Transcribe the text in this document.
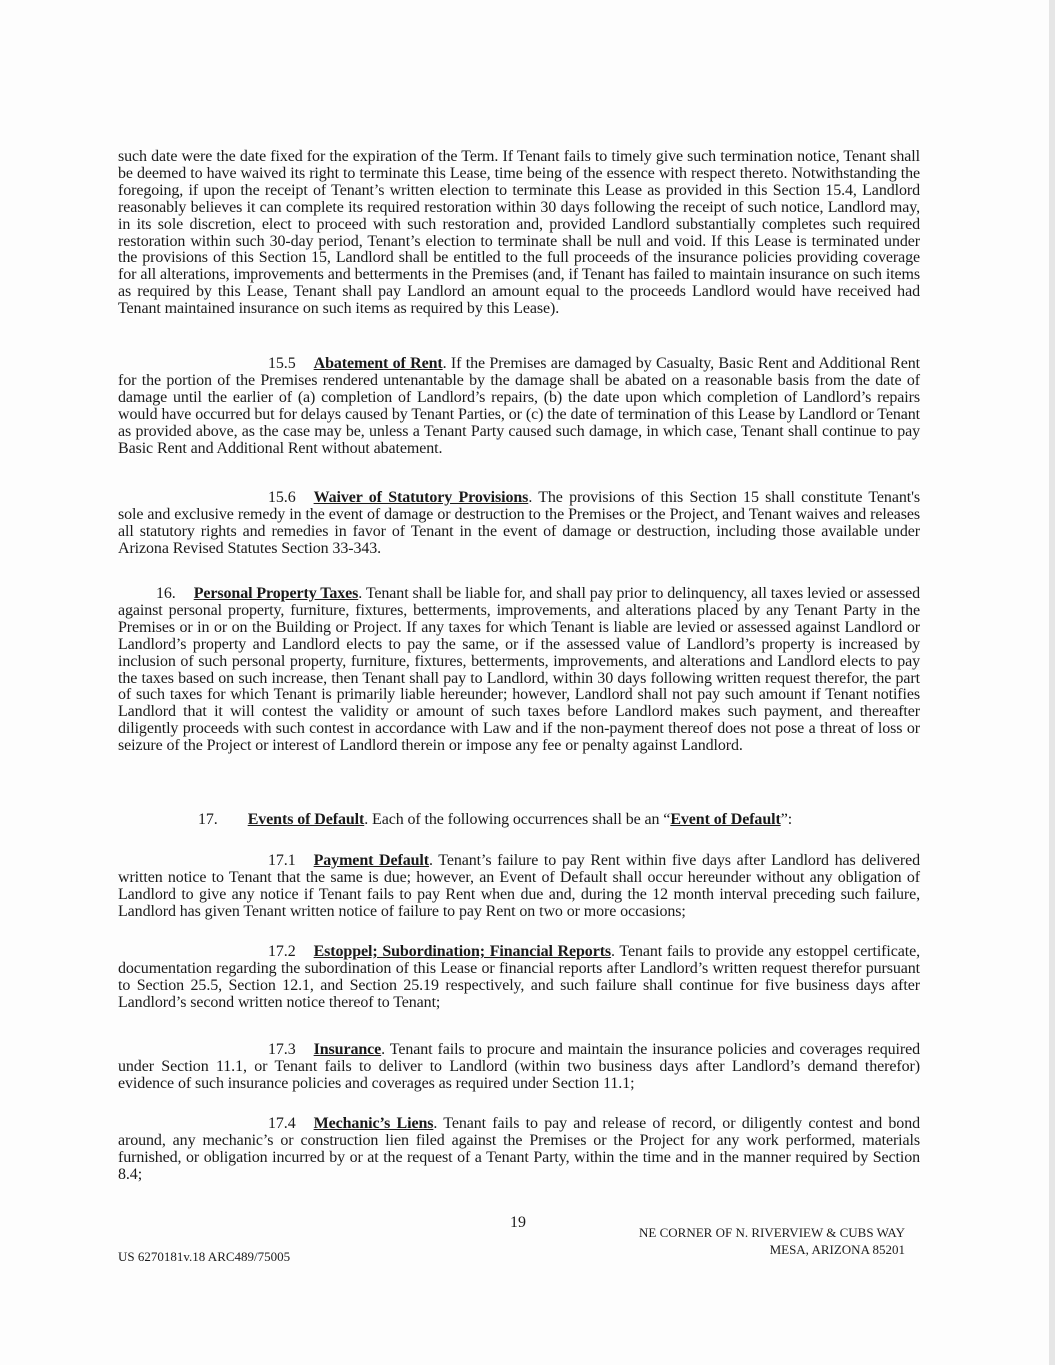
such date were the date fixed for the expiration of the Term. If Tenant fails to timely give such termination notice, Tenant shall be deemed to have waived its right to terminate this Lease, time being of the essence with respect thereto. Notwithstanding the foregoing, if upon the receipt of Tenant’s written election to terminate this Lease as provided in this Section 15.4, Landlord reasonably believes it can complete its required restoration within 30 days following the receipt of such notice, Landlord may, in its sole discretion, elect to proceed with such restoration and, provided Landlord substantially completes such required restoration within such 30-day period, Tenant’s election to terminate shall be null and void. If this Lease is terminated under the provisions of this Section 15, Landlord shall be entitled to the full proceeds of the insurance policies providing coverage for all alterations, improvements and betterments in the Premises (and, if Tenant has failed to maintain insurance on such items as required by this Lease, Tenant shall pay Landlord an amount equal to the proceeds Landlord would have received had Tenant maintained insurance on such items as required by this Lease).

15.5 Abatement of Rent. If the Premises are damaged by Casualty, Basic Rent and Additional Rent for the portion of the Premises rendered untenantable by the damage shall be abated on a reasonable basis from the date of damage until the earlier of (a) completion of Landlord’s repairs, (b) the date upon which completion of Landlord’s repairs would have occurred but for delays caused by Tenant Parties, or (c) the date of termination of this Lease by Landlord or Tenant as provided above, as the case may be, unless a Tenant Party caused such damage, in which case, Tenant shall continue to pay Basic Rent and Additional Rent without abatement.
15.6 Waiver of Statutory Provisions. The provisions of this Section 15 shall constitute Tenant's sole and exclusive remedy in the event of damage or destruction to the Premises or the Project, and Tenant waives and releases all statutory rights and remedies in favor of Tenant in the event of damage or destruction, including those available under Arizona Revised Statutes Section 33-343.
16. Personal Property Taxes. Tenant shall be liable for, and shall pay prior to delinquency, all taxes levied or assessed against personal property, furniture, fixtures, betterments, improvements, and alterations placed by any Tenant Party in the Premises or in or on the Building or Project. If any taxes for which Tenant is liable are levied or assessed against Landlord or Landlord’s property and Landlord elects to pay the same, or if the assessed value of Landlord’s property is increased by inclusion of such personal property, furniture, fixtures, betterments, improvements, and alterations and Landlord elects to pay the taxes based on such increase, then Tenant shall pay to Landlord, within 30 days following written request therefor, the part of such taxes for which Tenant is primarily liable hereunder; however, Landlord shall not pay such amount if Tenant notifies Landlord that it will contest the validity or amount of such taxes before Landlord makes such payment, and thereafter diligently proceeds with such contest in accordance with Law and if the non-payment thereof does not pose a threat of loss or seizure of the Project or interest of Landlord therein or impose any fee or penalty against Landlord.
17. Events of Default. Each of the following occurrences shall be an “Event of Default”:
17.1 Payment Default. Tenant’s failure to pay Rent within five days after Landlord has delivered written notice to Tenant that the same is due; however, an Event of Default shall occur hereunder without any obligation of Landlord to give any notice if Tenant fails to pay Rent when due and, during the 12 month interval preceding such failure, Landlord has given Tenant written notice of failure to pay Rent on two or more occasions;
17.2 Estoppel; Subordination; Financial Reports. Tenant fails to provide any estoppel certificate, documentation regarding the subordination of this Lease or financial reports after Landlord’s written request therefor pursuant to Section 25.5, Section 12.1, and Section 25.19 respectively, and such failure shall continue for five business days after Landlord’s second written notice thereof to Tenant;
17.3 Insurance. Tenant fails to procure and maintain the insurance policies and coverages required under Section 11.1, or Tenant fails to deliver to Landlord (within two business days after Landlord’s demand therefor) evidence of such insurance policies and coverages as required under Section 11.1;
17.4 Mechanic’s Liens. Tenant fails to pay and release of record, or diligently contest and bond around, any mechanic’s or construction lien filed against the Premises or the Project for any work performed, materials furnished, or obligation incurred by or at the request of a Tenant Party, within the time and in the manner required by Section 8.4;
19
NE CORNER OF N. RIVERVIEW & CUBS WAY
MESA, ARIZONA 85201
US 6270181v.18 ARC489/75005
